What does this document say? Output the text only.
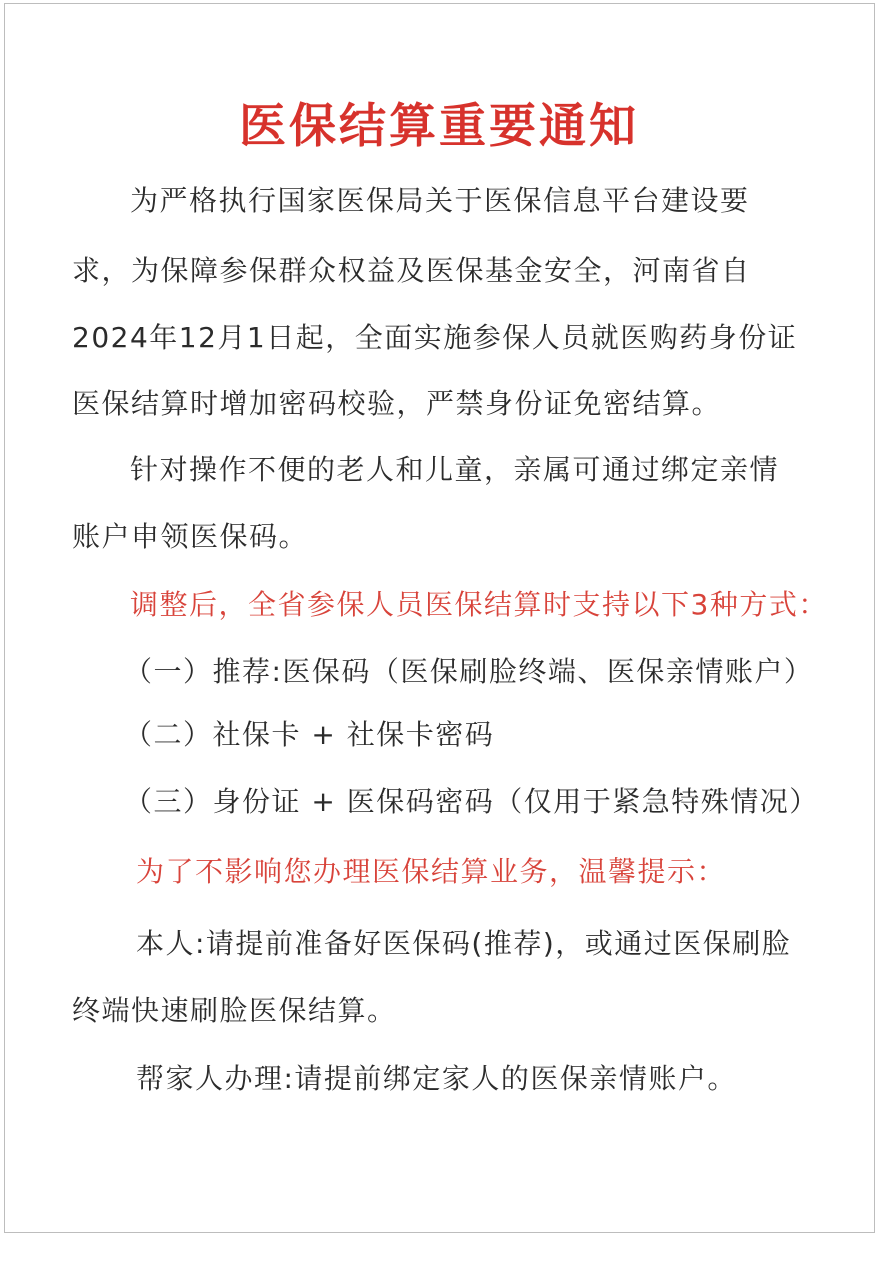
医保结算重要通知
为严格执行国家医保局关于医保信息平台建设要
求，为保障参保群众权益及医保基金安全，河南省自
2024年12月1日起，全面实施参保人员就医购药身份证
医保结算时增加密码校验，严禁身份证免密结算。
针对操作不便的老人和儿童，亲属可通过绑定亲情
账户申领医保码。
调整后，全省参保人员医保结算时支持以下3种方式：
（一）推荐:医保码（医保刷脸终端、医保亲情账户）
（二）社保卡 + 社保卡密码
（三）身份证 + 医保码密码（仅用于紧急特殊情况）
为了不影响您办理医保结算业务，温馨提示：
本人:请提前准备好医保码(推荐)，或通过医保刷脸
终端快速刷脸医保结算。
帮家人办理:请提前绑定家人的医保亲情账户。
